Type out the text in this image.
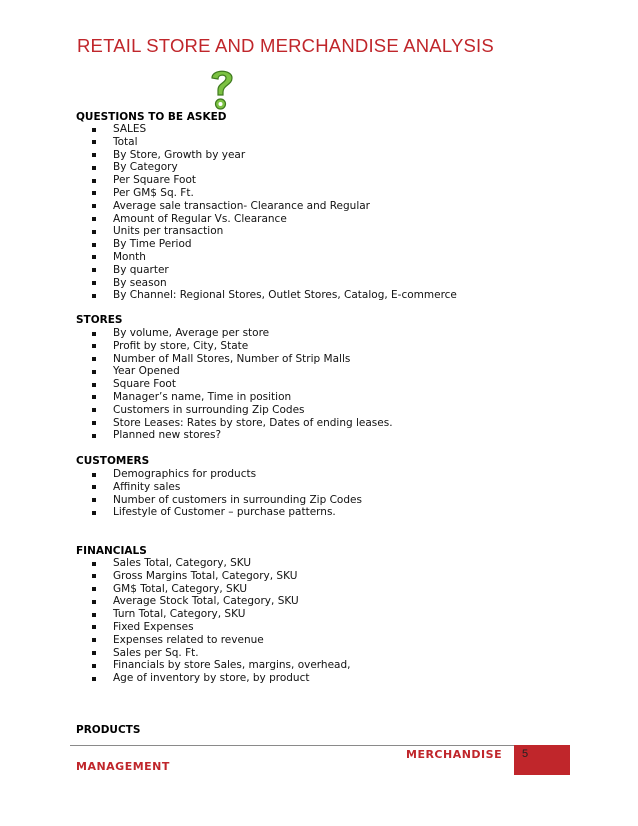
RETAIL STORE AND MERCHANDISE ANALYSIS
QUESTIONS TO BE ASKED
SALES
Total
By Store, Growth by year
By Category
Per Square Foot
Per GM$ Sq. Ft.
Average sale transaction- Clearance and Regular
Amount of Regular Vs. Clearance
Units per transaction
By Time Period
Month
By quarter
By season
By Channel: Regional Stores, Outlet Stores, Catalog, E-commerce
STORES
By volume, Average per store
Profit by store, City, State
Number of Mall Stores, Number of Strip Malls
Year Opened
Square Foot
Manager’s name, Time in position
Customers in surrounding Zip Codes
Store Leases: Rates by store, Dates of ending leases.
Planned new stores?
CUSTOMERS
Demographics for products
Affinity sales
Number of customers in surrounding Zip Codes
Lifestyle of Customer – purchase patterns.
FINANCIALS
Sales Total, Category, SKU
Gross Margins Total, Category, SKU
GM$ Total, Category, SKU
Average Stock Total, Category, SKU
Turn Total, Category, SKU
Fixed Expenses
Expenses related to revenue
Sales per Sq. Ft.
Financials by store Sales, margins, overhead,
Age of inventory by store, by product
PRODUCTS
MERCHANDISE 5
MANAGEMENT
